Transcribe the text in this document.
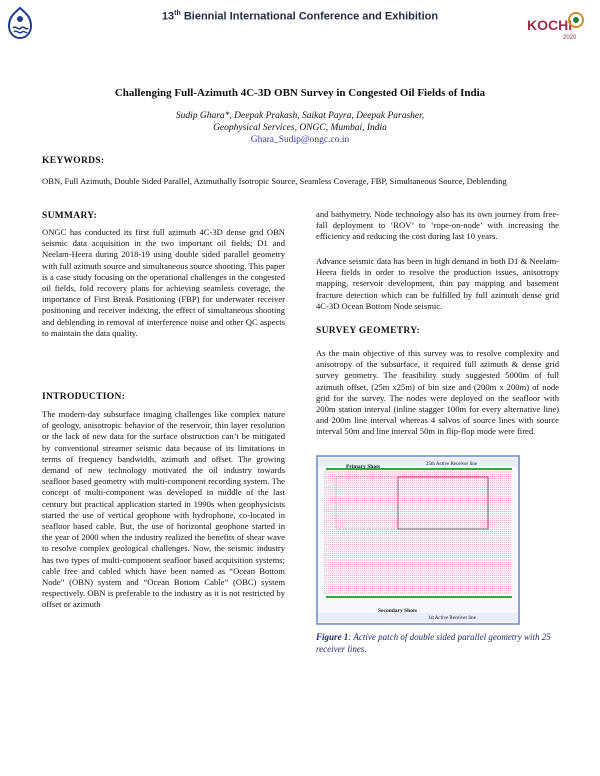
13th Biennial International Conference and Exhibition
KOCHI
2020
Challenging Full-Azimuth 4C-3D OBN Survey in Congested Oil Fields of India
Sudip Ghara*, Deepak Prakash, Saikat Payra, Deepak Parasher,
Geophysical Services, ONGC, Mumbai, India
Ghara_Sudip@ongc.co.in
KEYWORDS:

OBN, Full Azimuth, Double Sided Parallel, Azimuthally Isotropic Source, Seamless Coverage, FBP, Simultaneous Source, Deblending

SUMMARY:

ONGC has conducted its first full azimuth 4C-3D dense grid OBN seismic data acquisition in the two important oil fields; D1 and Neelam-Heera during 2018-19 using double sided parallel geometry with full azimuth source and simultaneous source shooting. This paper is a case study focusing on the operational challenges in the congested oil fields, fold recovery plans for achieving seamless coverage, the importance of First Break Positioning (FBP) for underwater receiver positioning and receiver indexing, the effect of simultaneous shooting and deblending in removal of interference noise and other QC aspects to maintain the data quality.

INTRODUCTION:

The modern-day subsurface imaging challenges like complex nature of geology, anisotropic behavior of the reservoir, thin layer resolution or the lack of new data for the surface obstruction can’t be mitigated by conventional streamer seismic data because of its limitations in terms of frequency bandwidth, azimuth and offset. The growing demand of new technology motivated the oil industry towards seafloor based geometry with multi-component recording system. The concept of multi-component was developed in middle of the last century but practical application started in 1990s when geophysicists started the use of vertical geophone with hydrophone, co-located in seafloor based cable. But, the use of horizontal geophone started in the year of 2000 when the industry realized the benefits of shear wave to resolve complex geological challenges. Now, the seismic industry has two types of multi-component seafloor based acquisition systems; cable free and cabled which have been named as “Ocean Bottom Node” (OBN) system and “Ocean Bottom Cable” (OBC) system respectively. OBN is preferable to the industry as it is not restricted by offset or azimuth

and bathymetry. Node technology also has its own journey from free-fall deployment to ‘ROV’ to ‘rope-on-node’ with increasing the efficiency and reducing the cost during last 10 years.

Advance seismic data has been in high demand in both D1 & Neelam-Heera fields in order to resolve the production issues, anisotropy mapping, reservoir development, thin pay mapping and basement fracture detection which can be fulfilled by full azimuth dense grid 4C-3D Ocean Bottom Node seismic.

SURVEY GEOMETRY:

As the main objective of this survey was to resolve complexity and anisotropy of the subsurface, it required full azimuth & dense grid survey geometry. The feasibility study suggested 5000m of full azimuth offset, (25m x25m) of bin size and (200m x 200m) of node grid for the survey. The nodes were deployed on the seafloor with 200m station interval (inline stagger 100m for every alternative line) and 200m line interval whereas 4 salvos of source lines with source interval 50m and line interval 50m in flip-flop mode were fired.

Primary Shots	25th Active Receiver line
Secondary Shots
1st Active Receiver line
Figure 1: Active patch of double sided parallel geometry with 25 receiver lines.
